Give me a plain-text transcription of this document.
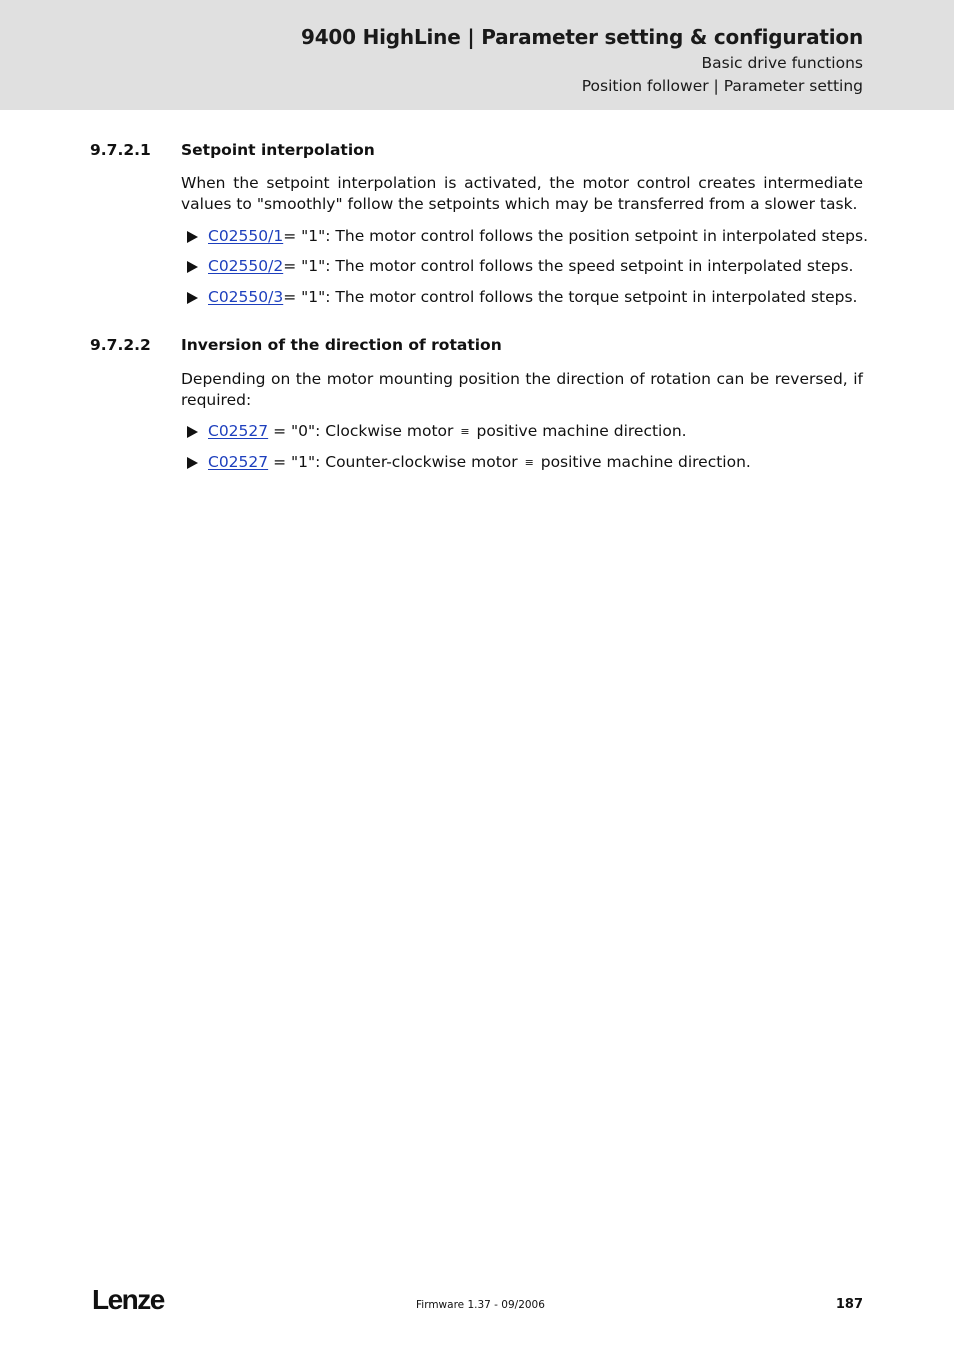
9400 HighLine | Parameter setting & configuration
Basic drive functions
Position follower | Parameter setting
9.7.2.1 Setpoint interpolation
When the setpoint interpolation is activated, the motor control creates intermediate values to "smoothly" follow the setpoints which may be transferred from a slower task.
C02550/1 = "1": The motor control follows the position setpoint in interpolated steps.
C02550/2 = "1": The motor control follows the speed setpoint in interpolated steps.
C02550/3 = "1": The motor control follows the torque setpoint in interpolated steps.
9.7.2.2 Inversion of the direction of rotation
Depending on the motor mounting position the direction of rotation can be reversed, if required:
C02527 = "0": Clockwise motor ≡ positive machine direction.
C02527 = "1": Counter-clockwise motor ≡ positive machine direction.
Lenze	Firmware 1.37 - 09/2006	187
